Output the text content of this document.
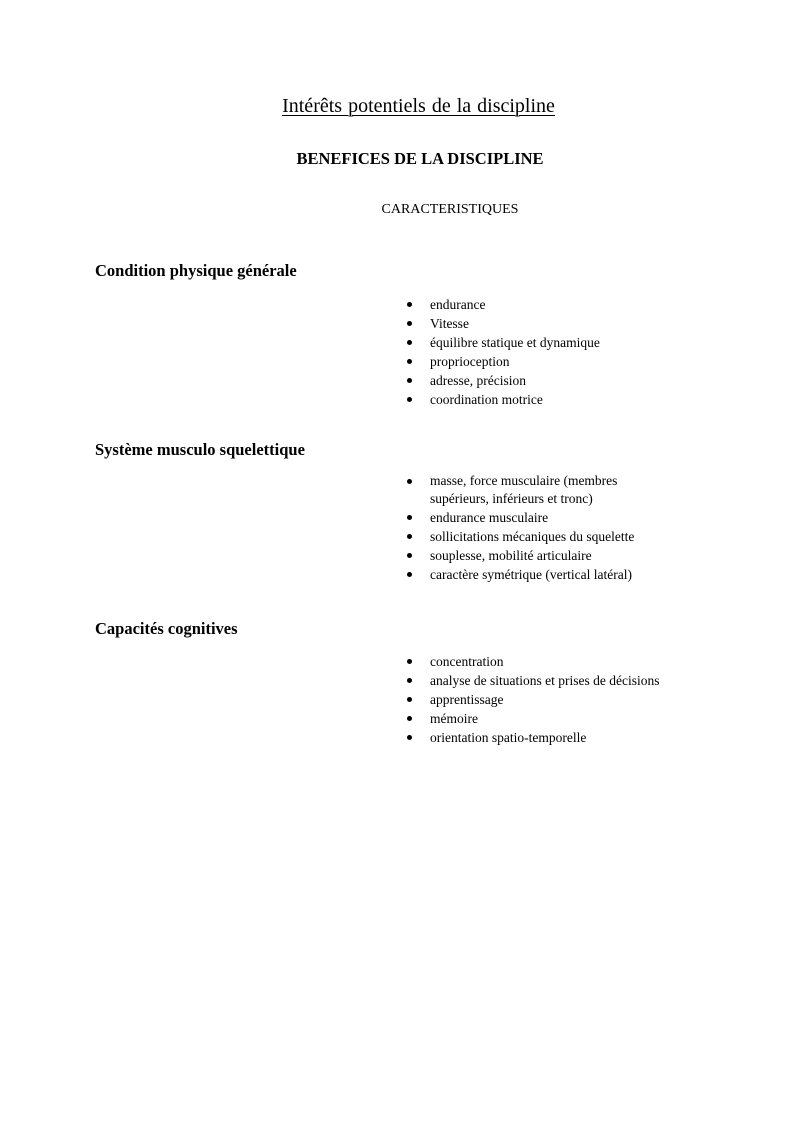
Intérêts potentiels de la discipline
BENEFICES DE LA DISCIPLINE
CARACTERISTIQUES
Condition physique générale
endurance
Vitesse
équilibre statique et dynamique
proprioception
adresse, précision
coordination motrice
Système musculo squelettique
masse, force musculaire (membres supérieurs, inférieurs et tronc)
endurance musculaire
sollicitations mécaniques du squelette
souplesse, mobilité articulaire
caractère symétrique (vertical latéral)
Capacités cognitives
concentration
analyse de situations et prises de décisions
apprentissage
mémoire
orientation spatio-temporelle
